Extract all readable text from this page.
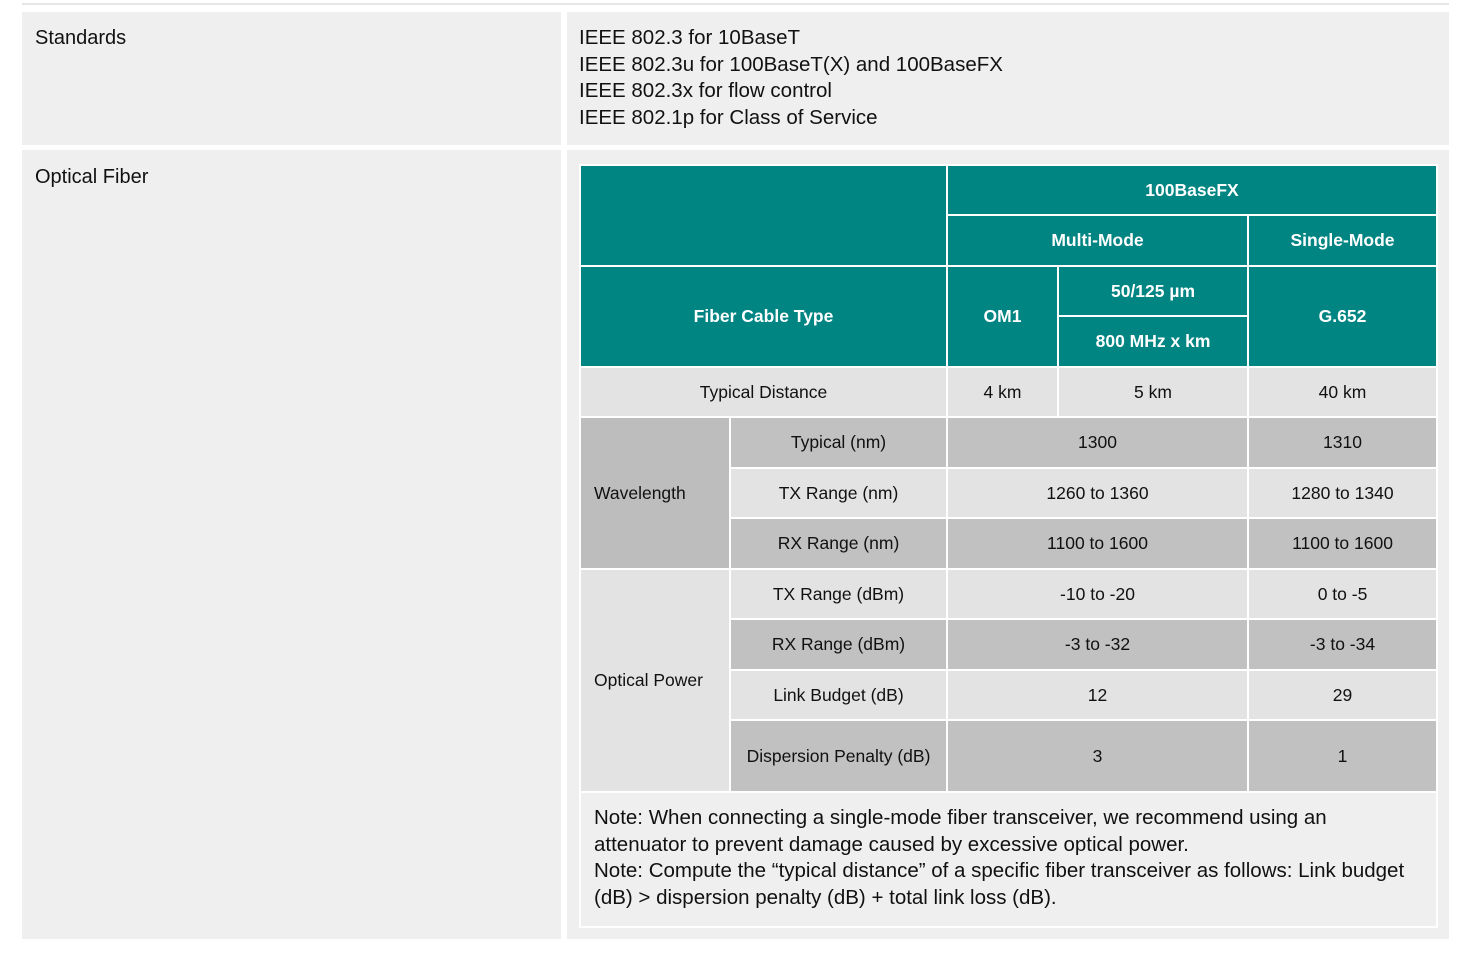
Standards	IEEE 802.3 for 10BaseT
IEEE 802.3u for 100BaseT(X) and 100BaseFX
IEEE 802.3x for flow control
IEEE 802.1p for Class of Service
Optical Fiber
		100BaseFX		
		Multi-Mode		Single-Mode
Fiber Cable Type		OM1	50/125 µm	G.652
			800 MHz x km	
Typical Distance		4 km	5 km	40 km
Wavelength	Typical (nm)	1300		1310
	TX Range (nm)	1260 to 1360		1280 to 1340
	RX Range (nm)	1100 to 1600		1100 to 1600
Optical Power	TX Range (dBm)	-10 to -20		0 to -5
	RX Range (dBm)	-3 to -32		-3 to -34
	Link Budget (dB)	12		29
	Dispersion Penalty (dB)	3		1

Note: When connecting a single-mode fiber transceiver, we recommend using an attenuator to prevent damage caused by excessive optical power.
Note: Compute the “typical distance” of a specific fiber transceiver as follows: Link budget (dB) > dispersion penalty (dB) + total link loss (dB).				
